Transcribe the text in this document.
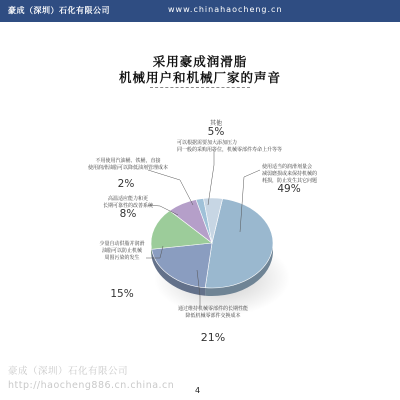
豪成（深圳）石化有限公司	www.chinahaocheng.cn
采用豪成润滑脂
机械用户和机械厂家的声音
其他
5%
可以根据需要加大添加压力
同一般的采购用等位，机械零部件寿命上升等等
不用使用汽油桶、铁桶，直接
使用润滑油脂可以降低油剂管理成本
2%
高温适应能力和更
长期可靠性的改善系统
8%
使用适当的润滑剂量会
减弱磨损或来保持机械的
耗损，防止发生其它问题
49%
少量自动供脂并润滑
油脂可以防止机械
周围污染的发生
15%
通过维持机械零部件的长期性能
降低机械零部件交换成本
21%
豪成（深圳）石化有限公司
http://haocheng886.cn.china.cn	4
